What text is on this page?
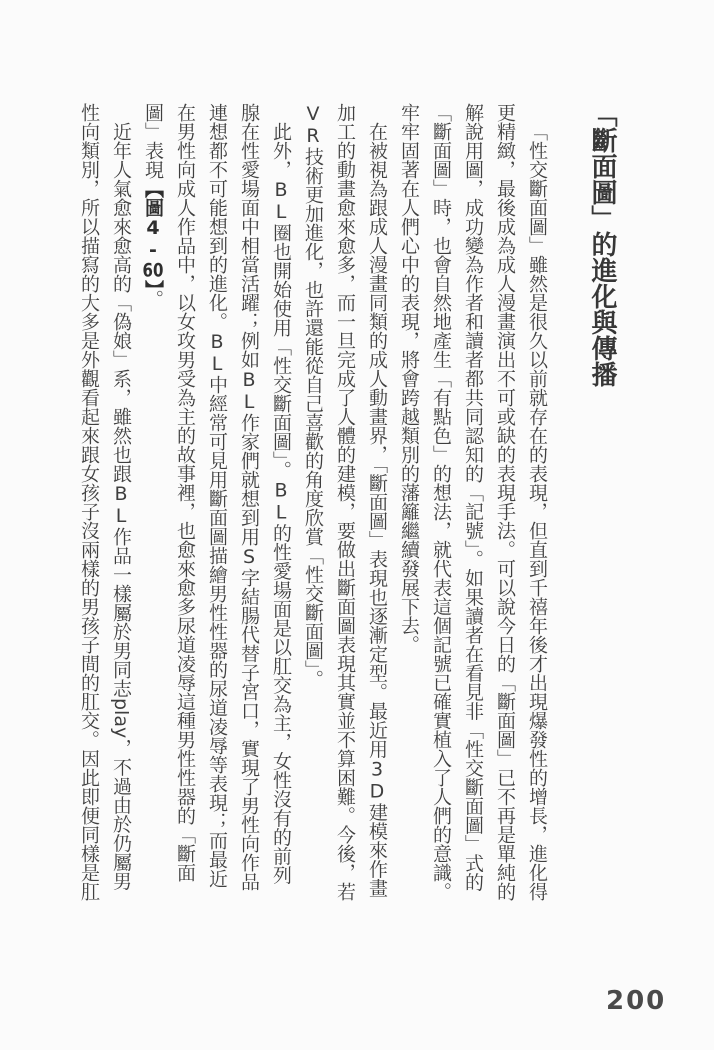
「斷面圖」的進化與傳播

「性交斷面圖」雖然是很久以前就存在的表現，但直到千禧年後才出現爆發性的增長，進化得更精緻，最後成為成人漫畫演出不可或缺的表現手法。可以說今日的「斷面圖」已不再是單純的解說用圖，成功變為作者和讀者都共同認知的「記號」。如果讀者在看見非「性交斷面圖」式的「斷面圖」時，也會自然地產生「有點色」的想法，就代表這個記號已確實植入了人們的意識。牢牢固著在人們心中的表現，將會跨越類別的藩籬繼續發展下去。

在被視為跟成人漫畫同類的成人動畫界，「斷面圖」表現也逐漸定型。最近用3D建模來作畫加工的動畫愈來愈多，而一旦完成了人體的建模，要做出斷面圖表現其實並不算困難。今後，若VR技術更加進化，也許還能從自己喜歡的角度欣賞「性交斷面圖」。

此外，BL圈也開始使用「性交斷面圖」。BL的性愛場面是以肛交為主，女性沒有的前列腺在性愛場面中相當活躍；例如BL作家們就想到用S字結腸代替子宮口，實現了男性向作品連想都不可能想到的進化。BL中經常可見用斷面圖描繪男性性器的尿道凌辱等表現；而最近在男性向成人作品中，以女攻男受為主的故事裡，也愈來愈多尿道凌辱這種男性性器的「斷面圖」表現【圖4-60】。

近年人氣愈來愈高的「偽娘」系，雖然也跟BL作品一樣屬於男同志play，不過由於仍屬男性向類別，所以描寫的大多是外觀看起來跟女孩子沒兩樣的男孩子間的肛交。因此即便同樣是肛

200
